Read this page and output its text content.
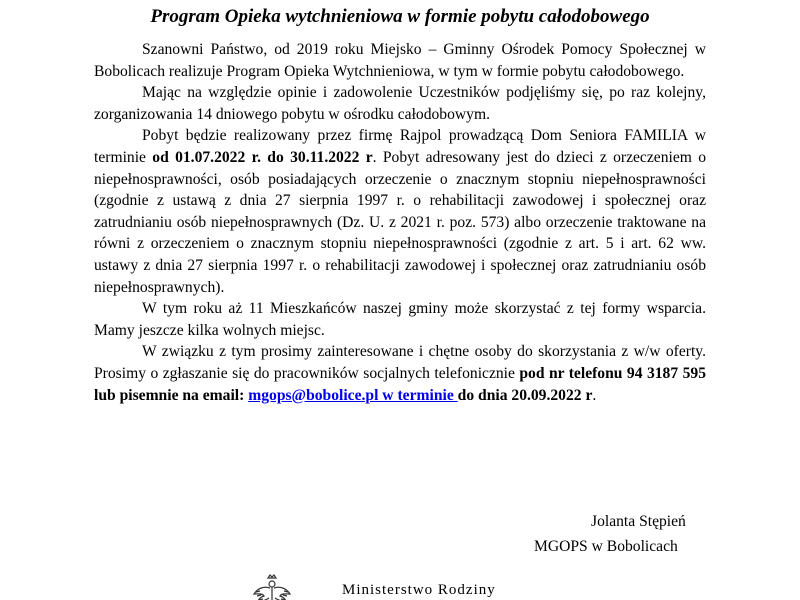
Program Opieka wytchnieniowa w formie pobytu całodobowego

Szanowni Państwo, od 2019 roku Miejsko – Gminny Ośrodek Pomocy Społecznej w Bobolicach realizuje Program Opieka Wytchnieniowa, w tym w formie pobytu całodobowego.

Mając na względzie opinie i zadowolenie Uczestników podjęliśmy się, po raz kolejny, zorganizowania 14 dniowego pobytu w ośrodku całodobowym.

Pobyt będzie realizowany przez firmę Rajpol prowadzącą Dom Seniora FAMILIA w terminie od 01.07.2022 r. do 30.11.2022 r. Pobyt adresowany jest do dzieci z orzeczeniem o niepełnosprawności, osób posiadających orzeczenie o znacznym stopniu niepełnosprawności (zgodnie z ustawą z dnia 27 sierpnia 1997 r. o rehabilitacji zawodowej i społecznej oraz zatrudnianiu osób niepełnosprawnych (Dz. U. z 2021 r. poz. 573) albo orzeczenie traktowane na równi z orzeczeniem o znacznym stopniu niepełnosprawności (zgodnie z art. 5 i art. 62 ww. ustawy z dnia 27 sierpnia 1997 r. o rehabilitacji zawodowej i społecznej oraz zatrudnianiu osób niepełnosprawnych).

W tym roku aż 11 Mieszkańców naszej gminy może skorzystać z tej formy wsparcia. Mamy jeszcze kilka wolnych miejsc.

W związku z tym prosimy zainteresowane i chętne osoby do skorzystania z w/w oferty. Prosimy o zgłaszanie się do pracowników socjalnych telefonicznie pod nr telefonu 94 3187 595 lub pisemnie na email: mgops@bobolice.pl w terminie do dnia 20.09.2022 r.

Jolanta Stępień
MGOPS w Bobolicach
Ministerstwo Rodziny
